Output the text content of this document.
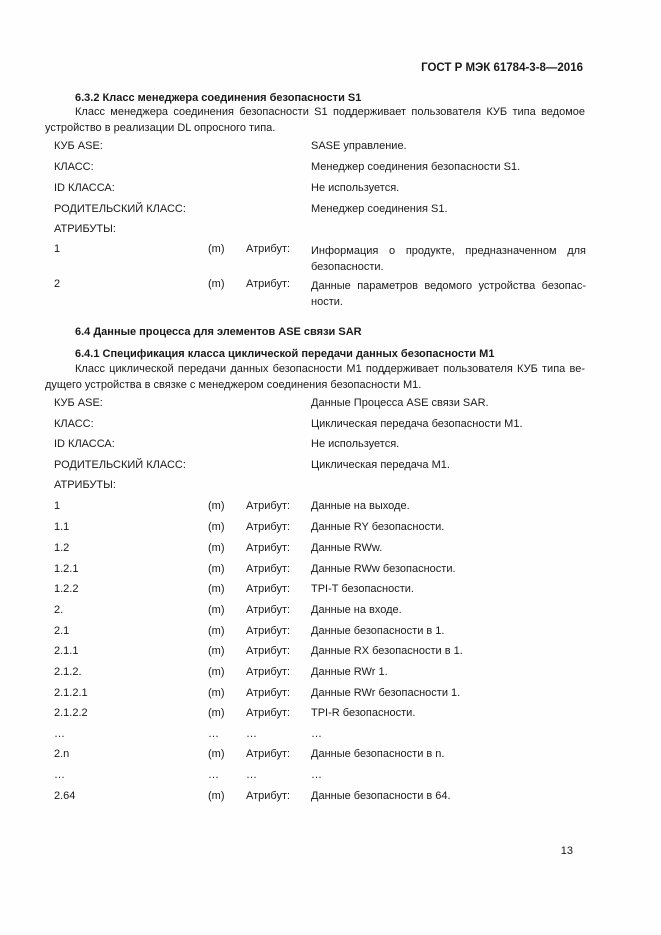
ГОСТ Р МЭК 61784-3-8—2016
6.3.2 Класс менеджера соединения безопасности S1
Класс менеджера соединения безопасности S1 поддерживает пользователя КУБ типа ведомое устройство в реализации DL опросного типа.
КУБ ASE:	SASE управление.
КЛАСС:	Менеджер соединения безопасности S1.
ID КЛАССА:	Не используется.
РОДИТЕЛЬСКИЙ КЛАСС:	Менеджер соединения S1.
АТРИБУТЫ:
1	(m) Атрибут: Информация о продукте, предназначенном для безопасности.
2	(m) Атрибут: Данные параметров ведомого устройства безопас-ности.
6.4 Данные процесса для элементов ASE связи SAR
6.4.1 Спецификация класса циклической передачи данных безопасности M1
Класс циклической передачи данных безопасности M1 поддерживает пользователя КУБ типа ве-дущего устройства в связке с менеджером соединения безопасности M1.
КУБ ASE:	Данные Процесса ASE связи SAR.
КЛАСС:	Циклическая передача безопасности M1.
ID КЛАССА:	Не используется.
РОДИТЕЛЬСКИЙ КЛАСС:	Циклическая передача M1.
АТРИБУТЫ:
1	(m) Атрибут: Данные на выходе.
1.1	(m) Атрибут: Данные RY безопасности.
1.2	(m) Атрибут: Данные RWw.
1.2.1	(m) Атрибут: Данные RWw безопасности.
1.2.2	(m) Атрибут: TPI-T безопасности.
2.	(m) Атрибут: Данные на входе.
2.1	(m) Атрибут: Данные безопасности в 1.
2.1.1	(m) Атрибут: Данные RX безопасности в 1.
2.1.2.	(m) Атрибут: Данные RWr 1.
2.1.2.1	(m) Атрибут: Данные RWr безопасности 1.
2.1.2.2	(m) Атрибут: TPI-R безопасности.
…	… …	…
2.n	(m) Атрибут: Данные безопасности в n.
…	… …	…
2.64	(m) Атрибут: Данные безопасности в 64.
13
